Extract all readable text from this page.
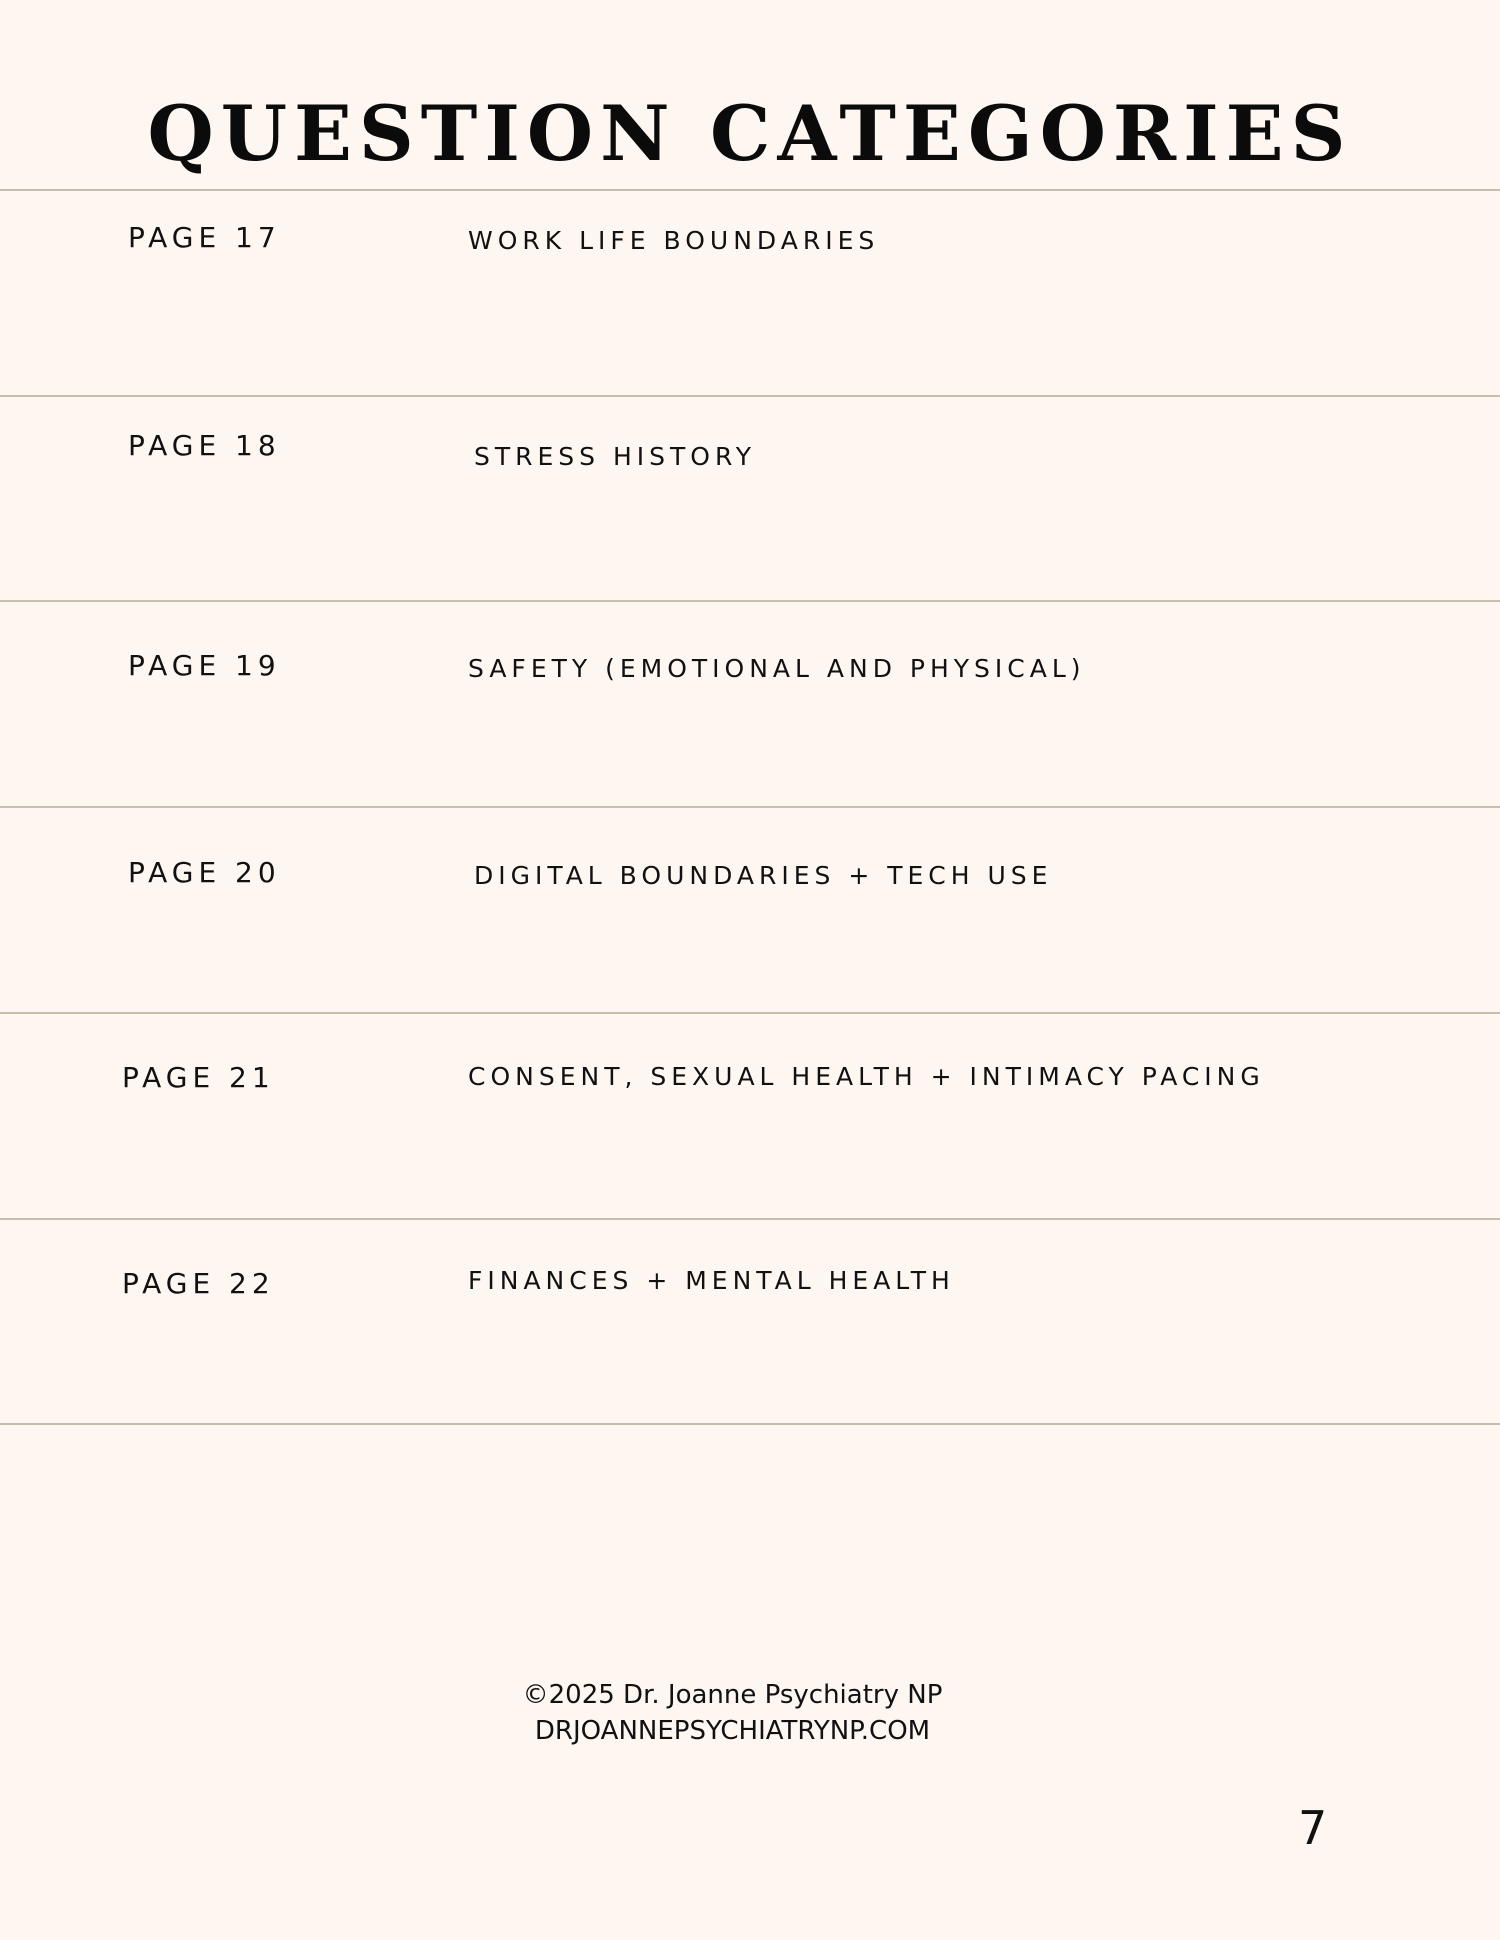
QUESTION CATEGORIES
PAGE 17	WORK LIFE BOUNDARIES
PAGE 18	STRESS HISTORY
PAGE 19	SAFETY (EMOTIONAL AND PHYSICAL)
PAGE 20	DIGITAL BOUNDARIES + TECH USE
PAGE 21	CONSENT, SEXUAL HEALTH + INTIMACY PACING
PAGE 22	FINANCES + MENTAL HEALTH
©2025 Dr. Joanne Psychiatry NP
DRJOANNEPSYCHIATRYNP.COM
7
